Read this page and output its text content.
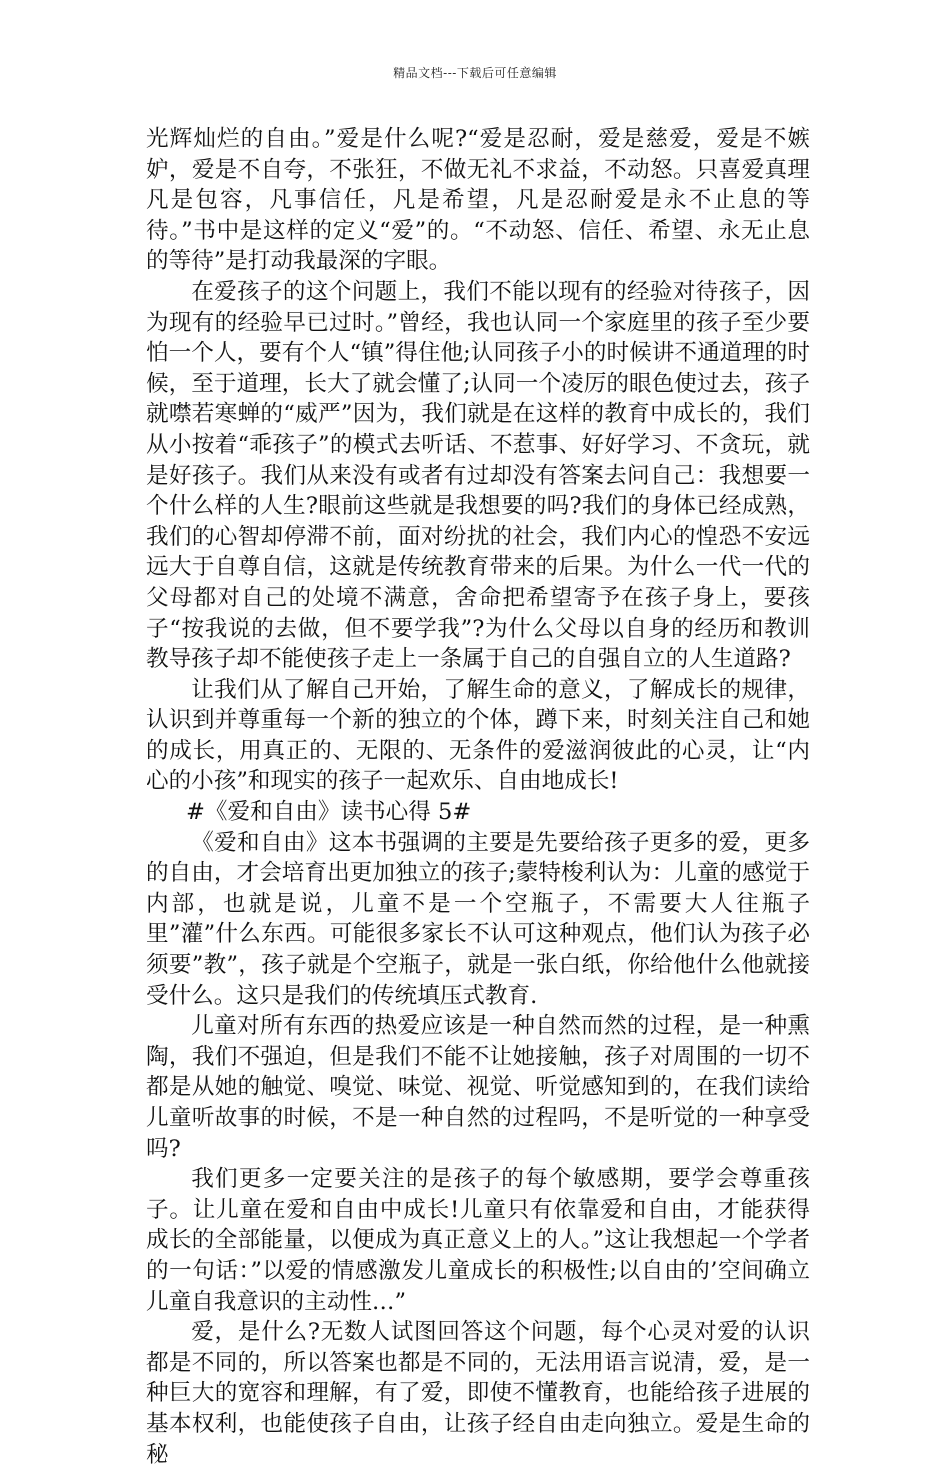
精品文档---下载后可任意编辑

光辉灿烂的自由。”爱是什么呢?“爱是忍耐，爱是慈爱，爱是不嫉妒，爱是不自夸，不张狂，不做无礼不求益，不动怒。只喜爱真理凡是包容，凡事信任，凡是希望，凡是忍耐爱是永不止息的等待。”书中是这样的定义“爱”的。“不动怒、信任、希望、永无止息的等待”是打动我最深的字眼。

在爱孩子的这个问题上，我们不能以现有的经验对待孩子，因为现有的经验早已过时。”曾经，我也认同一个家庭里的孩子至少要怕一个人，要有个人“镇”得住他;认同孩子小的时候讲不通道理的时候，至于道理，长大了就会懂了;认同一个凌厉的眼色使过去，孩子就噤若寒蝉的“威严”因为，我们就是在这样的教育中成长的，我们从小按着“乖孩子”的模式去听话、不惹事、好好学习、不贪玩，就是好孩子。我们从来没有或者有过却没有答案去问自己：我想要一个什么样的人生?眼前这些就是我想要的吗?我们的身体已经成熟，我们的心智却停滞不前，面对纷扰的社会，我们内心的惶恐不安远远大于自尊自信，这就是传统教育带来的后果。为什么一代一代的父母都对自己的处境不满意，舍命把希望寄予在孩子身上，要孩子“按我说的去做，但不要学我”?为什么父母以自身的经历和教训教导孩子却不能使孩子走上一条属于自己的自强自立的人生道路?

让我们从了解自己开始，了解生命的意义，了解成长的规律，认识到并尊重每一个新的独立的个体，蹲下来，时刻关注自己和她的成长，用真正的、无限的、无条件的爱滋润彼此的心灵，让“内心的小孩”和现实的孩子一起欢乐、自由地成长!

#《爱和自由》读书心得 5#

《爱和自由》这本书强调的主要是先要给孩子更多的爱，更多的自由，才会培育出更加独立的孩子;蒙特梭利认为：儿童的感觉于内部，也就是说，儿童不是一个空瓶子，不需要大人往瓶子里”灌”什么东西。可能很多家长不认可这种观点，他们认为孩子必须要”教”，孩子就是个空瓶子，就是一张白纸，你给他什么他就接受什么。这只是我们的传统填压式教育.

儿童对所有东西的热爱应该是一种自然而然的过程，是一种熏陶，我们不强迫，但是我们不能不让她接触，孩子对周围的一切不都是从她的触觉、嗅觉、味觉、视觉、听觉感知到的，在我们读给儿童听故事的时候，不是一种自然的过程吗，不是听觉的一种享受吗?

我们更多一定要关注的是孩子的每个敏感期，要学会尊重孩子。让儿童在爱和自由中成长!儿童只有依靠爱和自由，才能获得成长的全部能量，以便成为真正意义上的人。”这让我想起一个学者的一句话：”以爱的情感激发儿童成长的积极性;以自由的’空间确立儿童自我意识的主动性…”

爱，是什么?无数人试图回答这个问题，每个心灵对爱的认识都是不同的，所以答案也都是不同的，无法用语言说清，爱，是一种巨大的宽容和理解，有了爱，即使不懂教育，也能给孩子进展的基本权利，也能使孩子自由，让孩子经自由走向独立。爱是生命的秘
